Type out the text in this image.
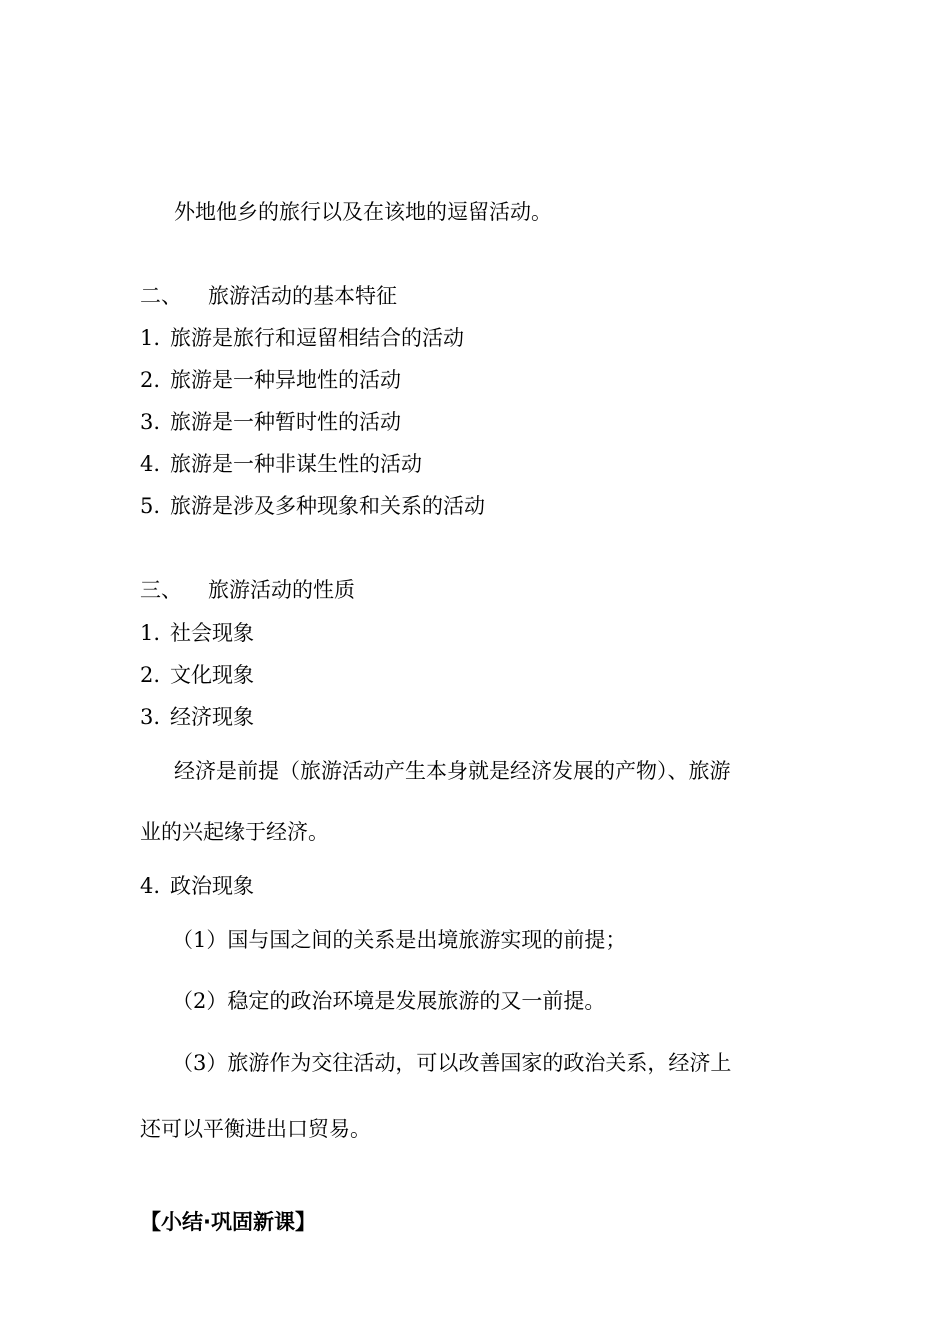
外地他乡的旅行以及在该地的逗留活动。

二、 旅游活动的基本特征

1. 旅游是旅行和逗留相结合的活动

2. 旅游是一种异地性的活动

3. 旅游是一种暂时性的活动

4. 旅游是一种非谋生性的活动

5. 旅游是涉及多种现象和关系的活动

三、 旅游活动的性质

1. 社会现象

2. 文化现象

3. 经济现象

经济是前提（旅游活动产生本身就是经济发展的产物）、旅游

业的兴起缘于经济。

4. 政治现象

（1）国与国之间的关系是出境旅游实现的前提；

（2）稳定的政治环境是发展旅游的又一前提。

（3）旅游作为交往活动，可以改善国家的政治关系，经济上

还可以平衡进出口贸易。

【小结·巩固新课】
